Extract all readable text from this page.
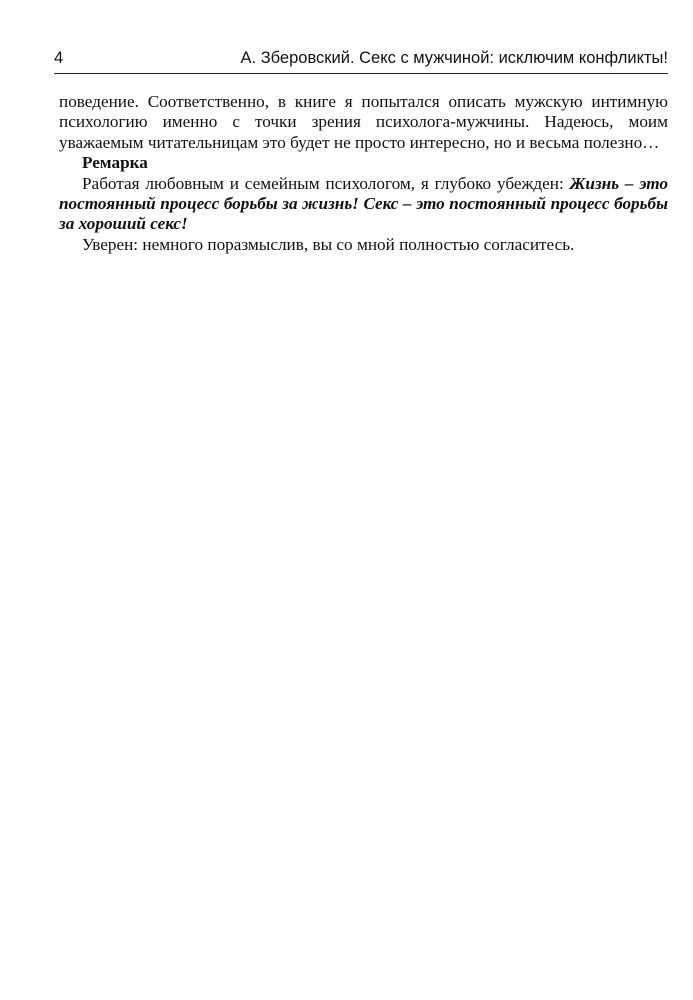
4	А. Зберовский. Секс с мужчиной: исключим конфликты!

поведение. Соответственно, в книге я попытался описать мужскую интимную психологию именно с точки зрения психолога-мужчины. Надеюсь, моим уважаемым читательницам это будет не просто интересно, но и весьма полезно…

Ремарка

Работая любовным и семейным психологом, я глубоко убежден: Жизнь – это постоянный процесс борьбы за жизнь! Секс – это постоянный процесс борьбы за хороший секс!

Уверен: немного поразмыслив, вы со мной полностью согласитесь.
